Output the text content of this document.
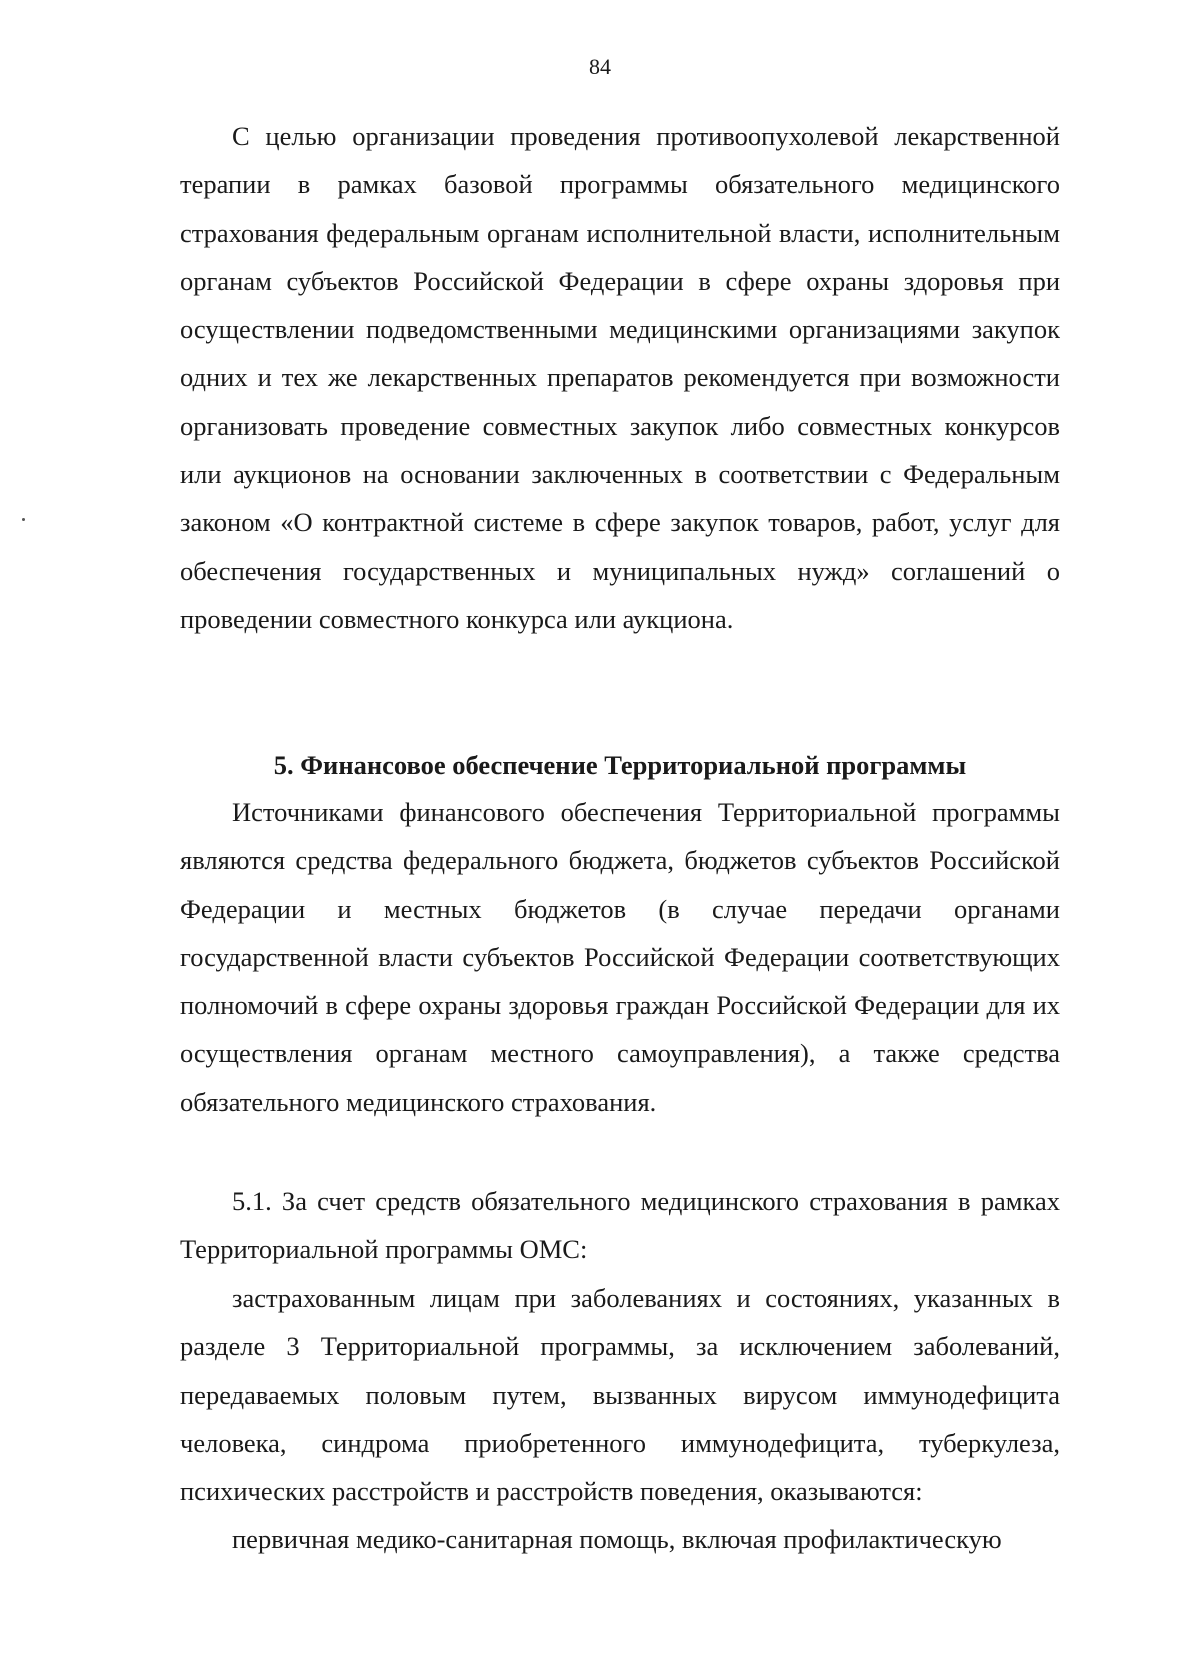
84

С целью организации проведения противоопухолевой лекарственной терапии в рамках базовой программы обязательного медицинского страхования федеральным органам исполнительной власти, исполнительным органам субъектов Российской Федерации в сфере охраны здоровья при осуществлении подведомственными медицинскими организациями закупок одних и тех же лекарственных препаратов рекомендуется при возможности организовать проведение совместных закупок либо совместных конкурсов или аукционов на основании заключенных в соответствии с Федеральным законом «О контрактной системе в сфере закупок товаров, работ, услуг для обеспечения государственных и муниципальных нужд» соглашений о проведении совместного конкурса или аукциона.

5. Финансовое обеспечение Территориальной программы

Источниками финансового обеспечения Территориальной программы являются средства федерального бюджета, бюджетов субъектов Российской Федерации и местных бюджетов (в случае передачи органами государственной власти субъектов Российской Федерации соответствующих полномочий в сфере охраны здоровья граждан Российской Федерации для их осуществления органам местного самоуправления), а также средства обязательного медицинского страхования.

5.1. За счет средств обязательного медицинского страхования в рамках Территориальной программы ОМС:

застрахованным лицам при заболеваниях и состояниях, указанных в разделе 3 Территориальной программы, за исключением заболеваний, передаваемых половым путем, вызванных вирусом иммунодефицита человека, синдрома приобретенного иммунодефицита, туберкулеза, психических расстройств и расстройств поведения, оказываются:

первичная медико-санитарная помощь, включая профилактическую
